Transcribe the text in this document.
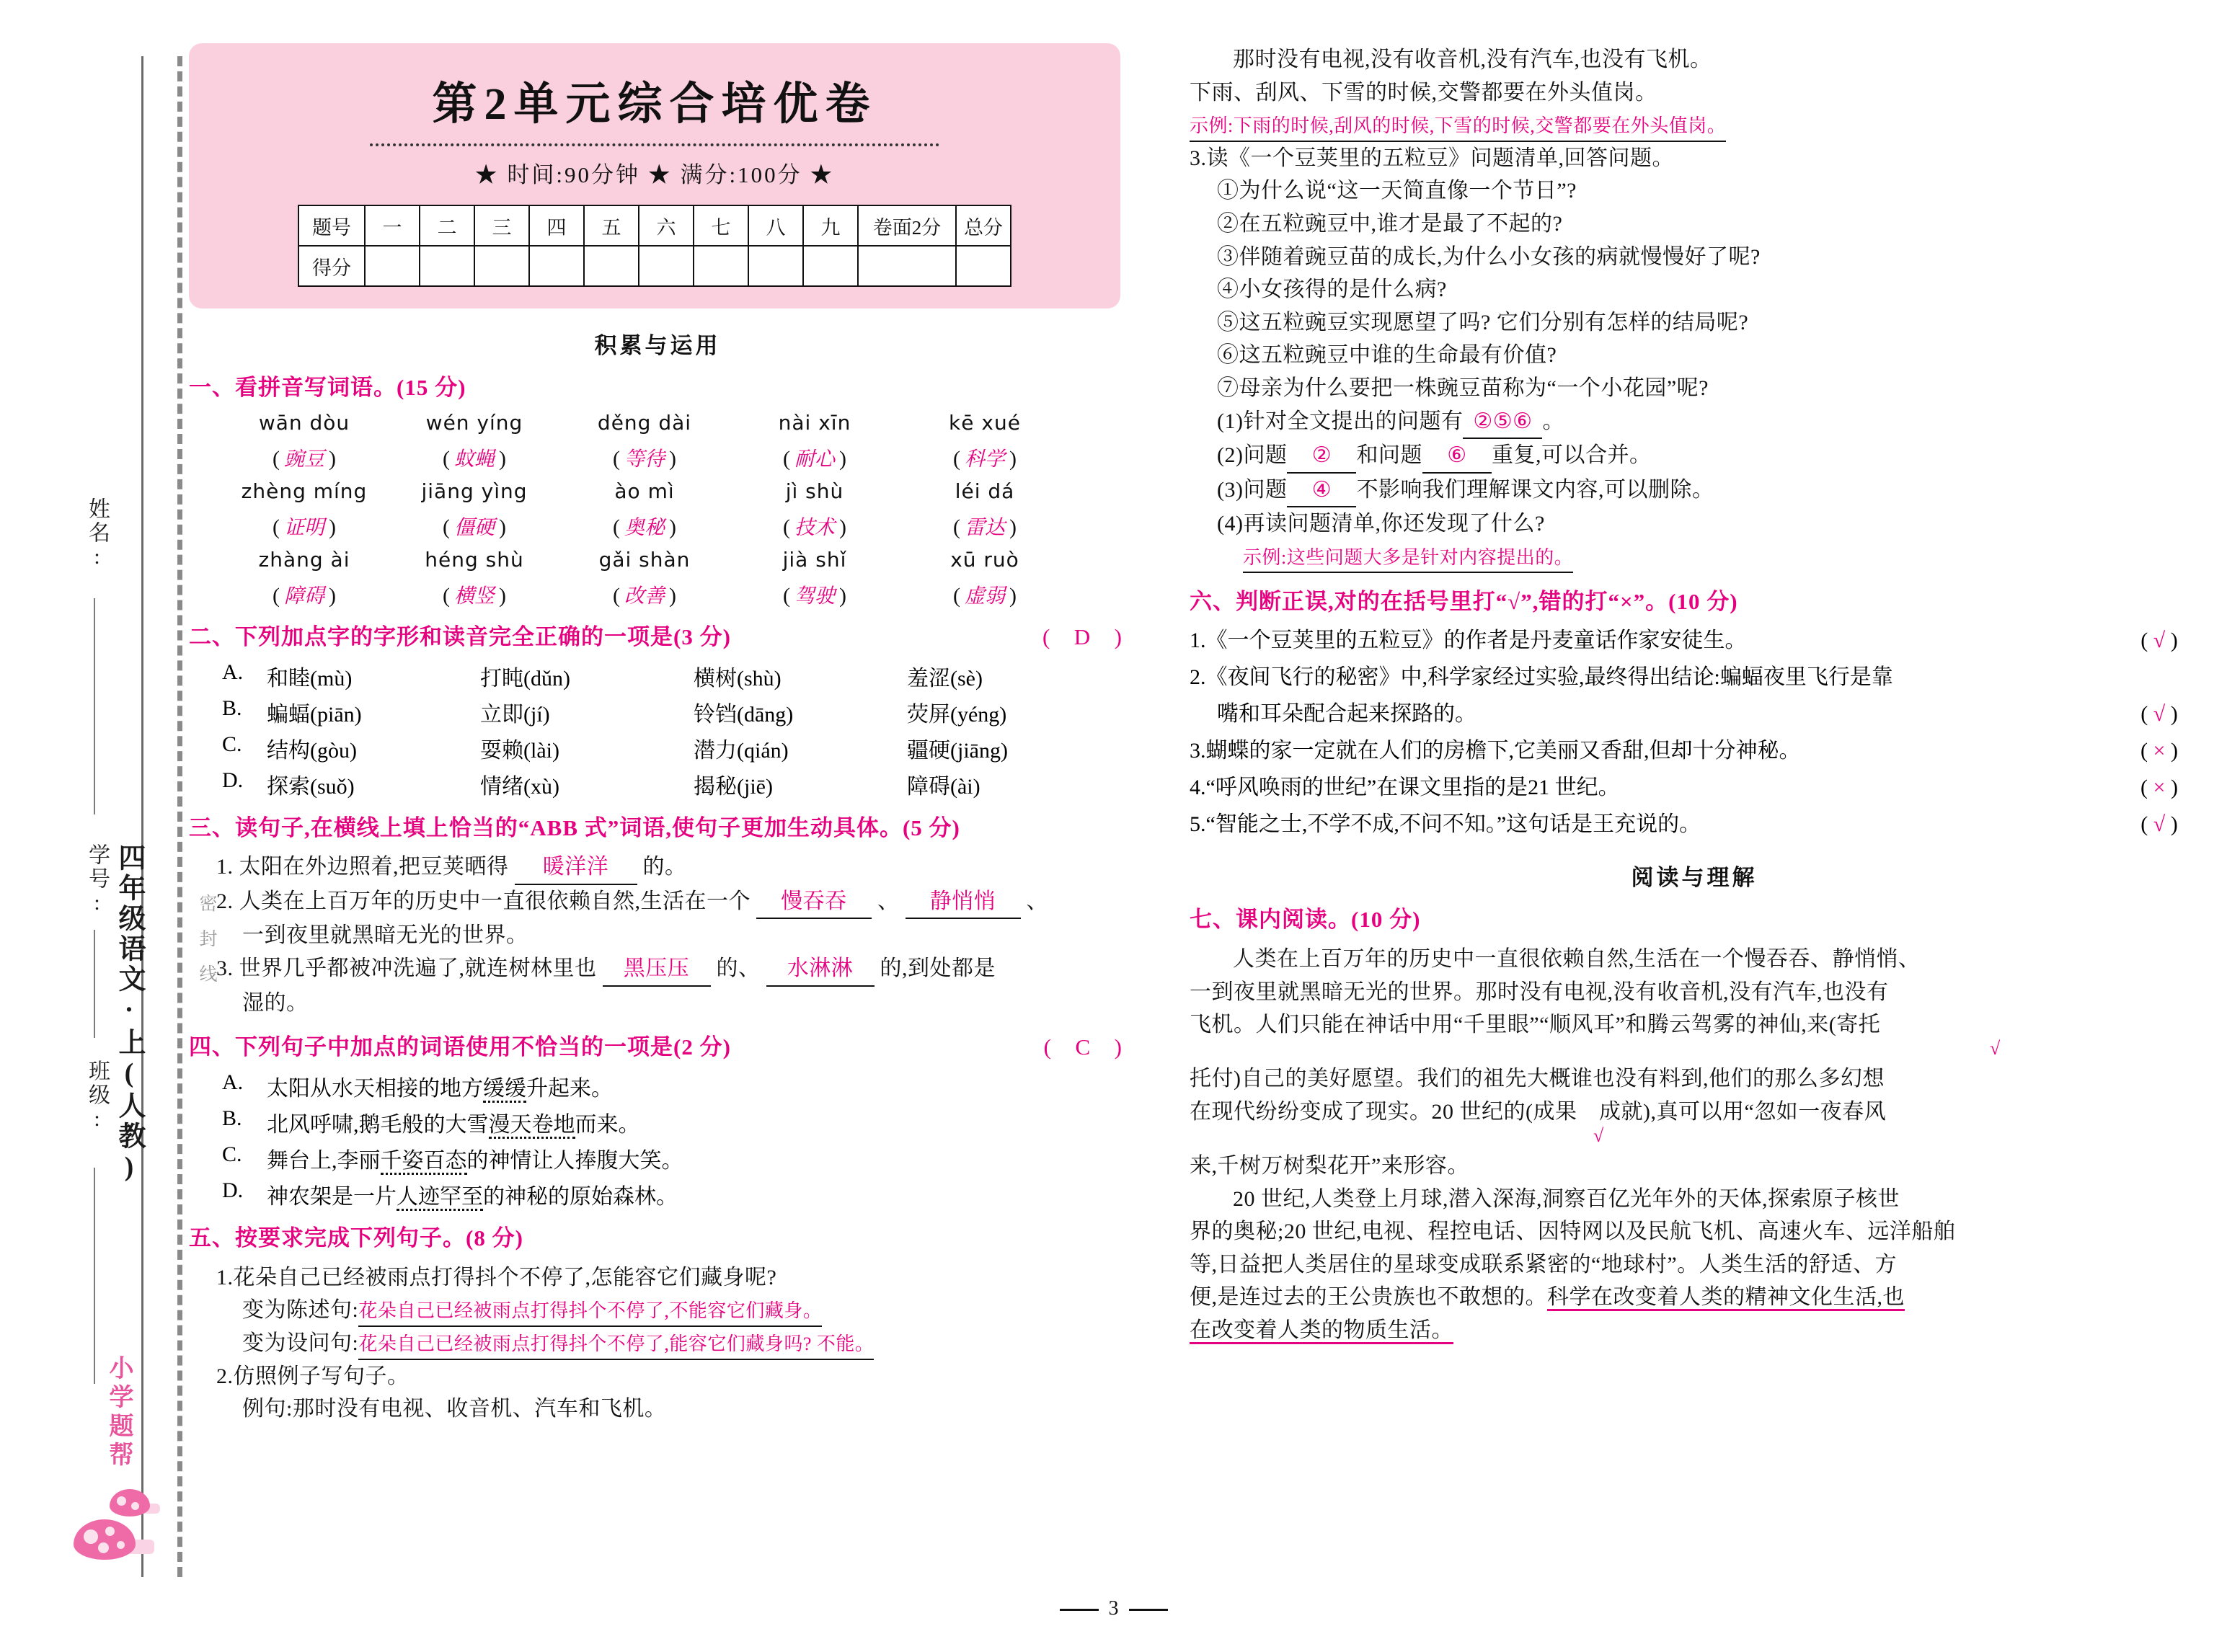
姓名:
学号:
班级: 四年级语文·上(人教)	密封线
小学题帮
第2单元综合培优卷
★ 时间:90分钟 ★ 满分:100分 ★
题号	一	二	三	四	五	六	七	八	九	卷面2分	总分
得分											
积累与运用
一、看拼音写词语。(15 分)
wān dòu	wén yíng	děng dài	nài xīn	kē xué
( 豌豆 )	( 蚊蝇 )	( 等待 )	( 耐心 )	( 科学 )
zhèng míng	jiāng yìng	ào mì	jì shù	léi dá
( 证明 )	( 僵硬 )	( 奥秘 )	( 技术 )	( 雷达 )
zhàng ài	héng shù	gǎi shàn	jià shǐ	xū ruò
( 障碍 )	( 横竖 )	( 改善 )	( 驾驶 )	( 虚弱 )
(  D  )
二、下列加点字的字形和读音完全正确的一项是(3 分)
A.	和睦(mù)	打盹(dǔn)	横树(shù)	羞涩(sè)
B.	蝙蝠(piān)	立即(jí)	铃铛(dāng)	荧屏(yéng)
C.	结构(gòu)	耍赖(lài)	潜力(qián)	疆硬(jiāng)
D.	探索(suǒ)	情绪(xù)	揭秘(jiē)	障碍(ài)
三、读句子,在横线上填上恰当的“ABB 式”词语,使句子更加生动具体。(5 分)
1. 太阳在外边照着,把豆荚晒得 暖洋洋 的。
2. 人类在上百万年的历史中一直很依赖自然,生活在一个 慢吞吞 、 静悄悄 、
一到夜里就黑暗无光的世界。
3. 世界几乎都被冲洗遍了,就连树林里也 黑压压 的、 水淋淋 的,到处都是
湿的。
(  C  )
四、下列句子中加点的词语使用不恰当的一项是(2 分)
A.	太阳从水天相接的地方缓缓升起来。
B.	北风呼啸,鹅毛般的大雪漫天卷地而来。
C.	舞台上,李丽千姿百态的神情让人捧腹大笑。
D.	神农架是一片人迹罕至的神秘的原始森林。
五、按要求完成下列句子。(8 分)
1.花朵自己已经被雨点打得抖个不停了,怎能容它们藏身呢?
变为陈述句:花朵自己已经被雨点打得抖个不停了,不能容它们藏身。
变为设问句:花朵自己已经被雨点打得抖个不停了,能容它们藏身吗? 不能。
2.仿照例子写句子。
例句:那时没有电视、收音机、汽车和飞机。
那时没有电视,没有收音机,没有汽车,也没有飞机。
下雨、刮风、下雪的时候,交警都要在外头值岗。
示例:下雨的时候,刮风的时候,下雪的时候,交警都要在外头值岗。
3.读《一个豆荚里的五粒豆》问题清单,回答问题。
①为什么说“这一天简直像一个节日”?
②在五粒豌豆中,谁才是最了不起的?
③伴随着豌豆苗的成长,为什么小女孩的病就慢慢好了呢?
④小女孩得的是什么病?
⑤这五粒豌豆实现愿望了吗? 它们分别有怎样的结局呢?
⑥这五粒豌豆中谁的生命最有价值?
⑦母亲为什么要把一株豌豆苗称为“一个小花园”呢?
(1)针对全文提出的问题有 ②⑤⑥ 。
(2)问题 ② 和问题 ⑥ 重复,可以合并。
(3)问题 ④ 不影响我们理解课文内容,可以删除。
(4)再读问题清单,你还发现了什么?
示例:这些问题大多是针对内容提出的。
六、判断正误,对的在括号里打“√”,错的打“×”。(10 分)
1.《一个豆荚里的五粒豆》的作者是丹麦童话作家安徒生。	( √ )
2.《夜间飞行的秘密》中,科学家经过实验,最终得出结论:蝙蝠夜里飞行是靠
嘴和耳朵配合起来探路的。	( √ )
3.蝴蝶的家一定就在人们的房檐下,它美丽又香甜,但却十分神秘。	( × )
4.“呼风唤雨的世纪”在课文里指的是21 世纪。	( × )
5.“智能之士,不学不成,不问不知。”这句话是王充说的。	( √ )
阅读与理解
七、课内阅读。(10 分)
人类在上百万年的历史中一直很依赖自然,生活在一个慢吞吞、静悄悄、
一到夜里就黑暗无光的世界。那时没有电视,没有收音机,没有汽车,也没有
飞机。人们只能在神话中用“千里眼”“顺风耳”和腾云驾雾的神仙,来(寄托
√
托付)自己的美好愿望。我们的祖先大概谁也没有料到,他们的那么多幻想
在现代纷纷变成了现实。20 世纪的(成果　成就),真可以用“忽如一夜春风
√
来,千树万树梨花开”来形容。
20 世纪,人类登上月球,潜入深海,洞察百亿光年外的天体,探索原子核世
界的奥秘;20 世纪,电视、程控电话、因特网以及民航飞机、高速火车、远洋船舶
等,日益把人类居住的星球变成联系紧密的“地球村”。人类生活的舒适、方
便,是连过去的王公贵族也不敢想的。科学在改变着人类的精神文化生活,也
在改变着人类的物质生活。
3
